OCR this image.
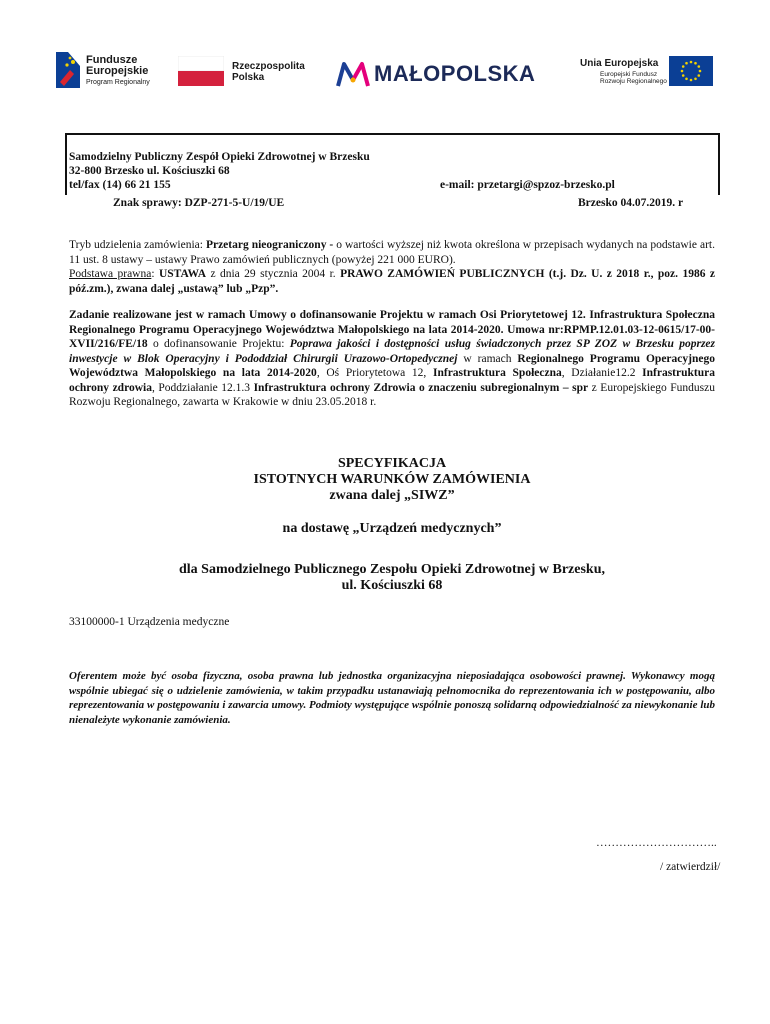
Fundusze
Europejskie
Program Regionalny
Rzeczpospolita
Polska	MAŁOPOLSKA	Unia Europejska
Europejski Fundusz
Rozwoju Regionalnego
Samodzielny Publiczny Zespół Opieki Zdrowotnej w Brzesku
32-800 Brzesko ul. Kościuszki 68
tel/fax (14) 66 21 155	e-mail: przetargi@spzoz-brzesko.pl
Znak sprawy: DZP-271-5-U/19/UE	Brzesko 04.07.2019. r
Tryb udzielenia zamówienia: Przetarg nieograniczony - o wartości wyższej niż kwota określona w przepisach wydanych na podstawie art. 11 ust. 8 ustawy – ustawy Prawo zamówień publicznych (powyżej 221 000 EURO).
Podstawa prawna: USTAWA z dnia 29 stycznia 2004 r. PRAWO ZAMÓWIEŃ PUBLICZNYCH (t.j. Dz. U. z 2018 r., poz. 1986 z póź.zm.), zwana dalej „ustawą” lub „Pzp”.
Zadanie realizowane jest w ramach Umowy o dofinansowanie Projektu w ramach Osi Priorytetowej 12. Infrastruktura Społeczna Regionalnego Programu Operacyjnego Województwa Małopolskiego na lata 2014-2020. Umowa nr:RPMP.12.01.03-12-0615/17-00-XVII/216/FE/18 o dofinansowanie Projektu: Poprawa jakości i dostępności usług świadczonych przez SP ZOZ w Brzesku poprzez inwestycje w Blok Operacyjny i Pododdział Chirurgii Urazowo-Ortopedycznej w ramach Regionalnego Programu Operacyjnego Województwa Małopolskiego na lata 2014-2020, Oś Priorytetowa 12, Infrastruktura Społeczna, Działanie12.2 Infrastruktura ochrony zdrowia, Poddziałanie 12.1.3 Infrastruktura ochrony Zdrowia o znaczeniu subregionalnym – spr z Europejskiego Funduszu Rozwoju Regionalnego, zawarta w Krakowie w dniu 23.05.2018 r.
SPECYFIKACJA
ISTOTNYCH WARUNKÓW ZAMÓWIENIA
zwana dalej „SIWZ”
na dostawę „Urządzeń medycznych”
dla Samodzielnego Publicznego Zespołu Opieki Zdrowotnej w Brzesku,
ul. Kościuszki 68
33100000-1 Urządzenia medyczne
Oferentem może być osoba fizyczna, osoba prawna lub jednostka organizacyjna nieposiadająca osobowości prawnej. Wykonawcy mogą wspólnie ubiegać się o udzielenie zamówienia, w takim przypadku ustanawiają pełnomocnika do reprezentowania ich w postępowaniu, albo reprezentowania w postępowaniu i zawarcia umowy. Podmioty występujące wspólnie ponoszą solidarną odpowiedzialność za niewykonanie lub nienależyte wykonanie zamówienia.
…………………………..
/ zatwierdził/
